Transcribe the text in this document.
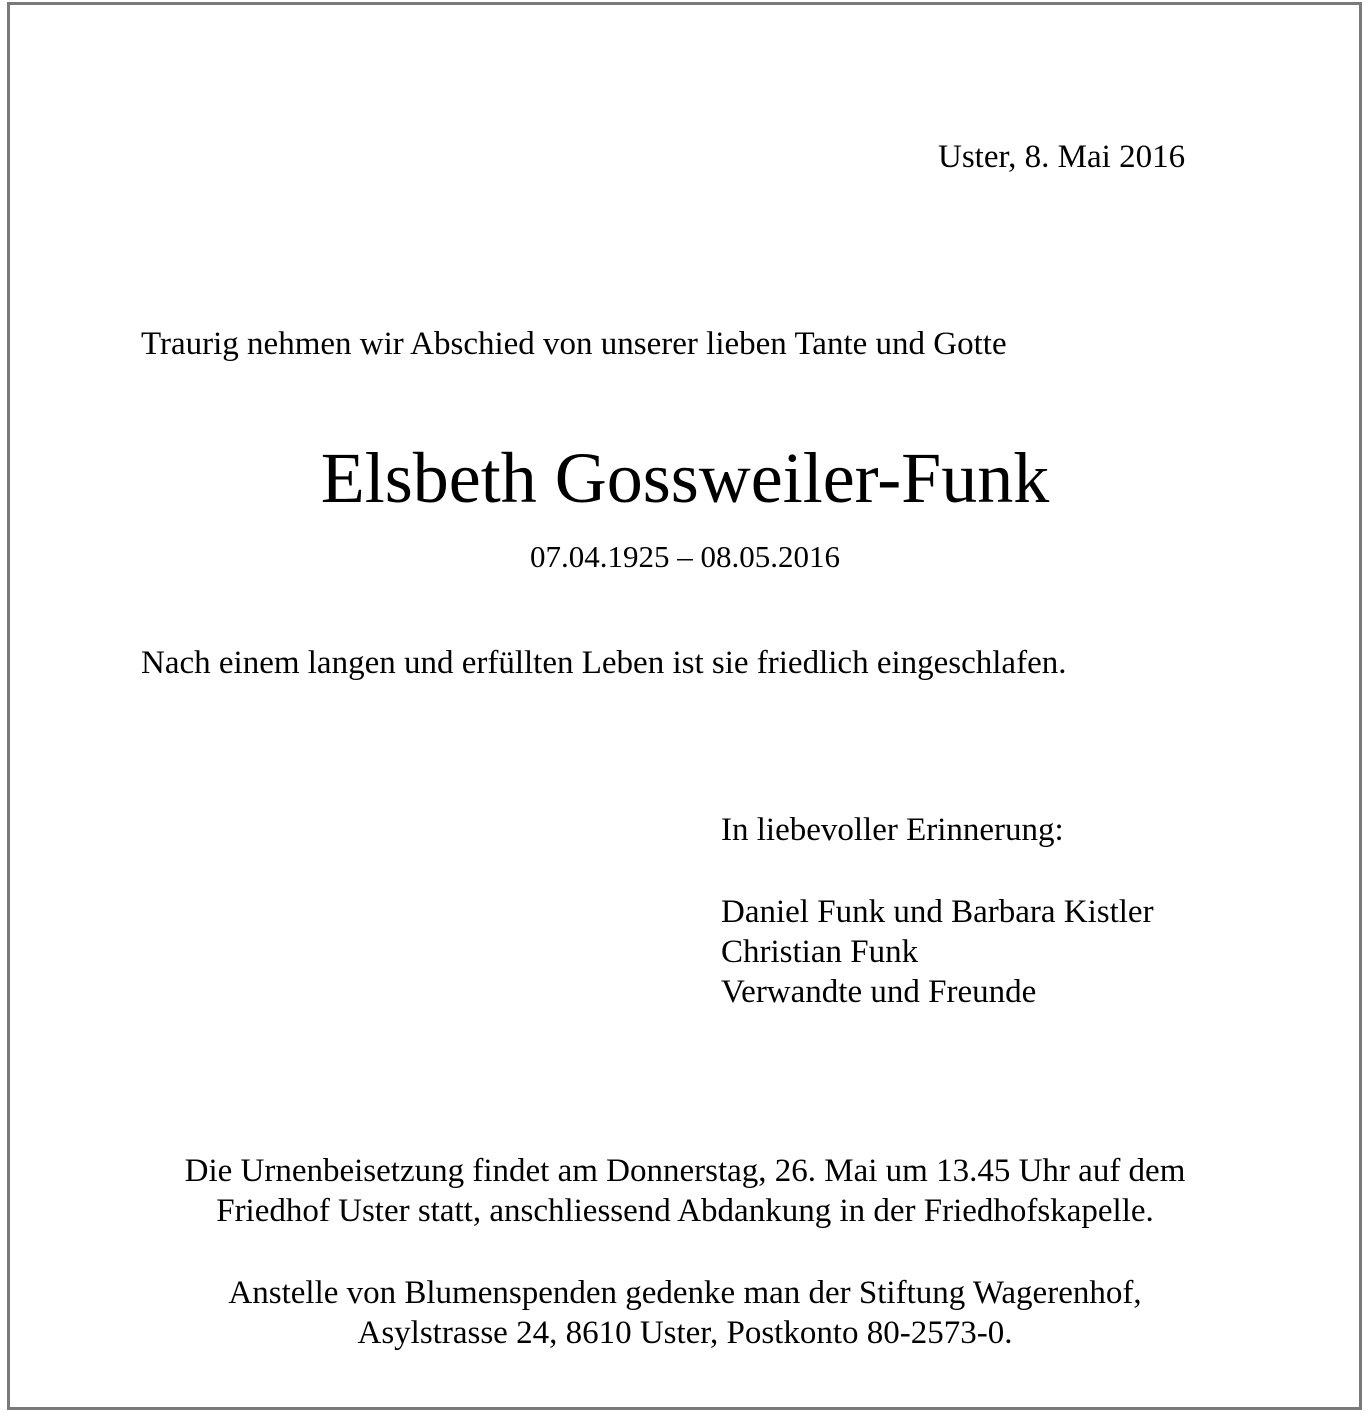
Uster, 8. Mai 2016
Traurig nehmen wir Abschied von unserer lieben Tante und Gotte
Elsbeth Gossweiler-Funk
07.04.1925 – 08.05.2016
Nach einem langen und erfüllten Leben ist sie friedlich eingeschlafen.
In liebevoller Erinnerung:
Daniel Funk und Barbara Kistler
Christian Funk
Verwandte und Freunde
Die Urnenbeisetzung findet am Donnerstag, 26. Mai um 13.45 Uhr auf dem
Friedhof Uster statt, anschliessend Abdankung in der Friedhofskapelle.
Anstelle von Blumenspenden gedenke man der Stiftung Wagerenhof,
Asylstrasse 24, 8610 Uster, Postkonto 80-2573-0.
